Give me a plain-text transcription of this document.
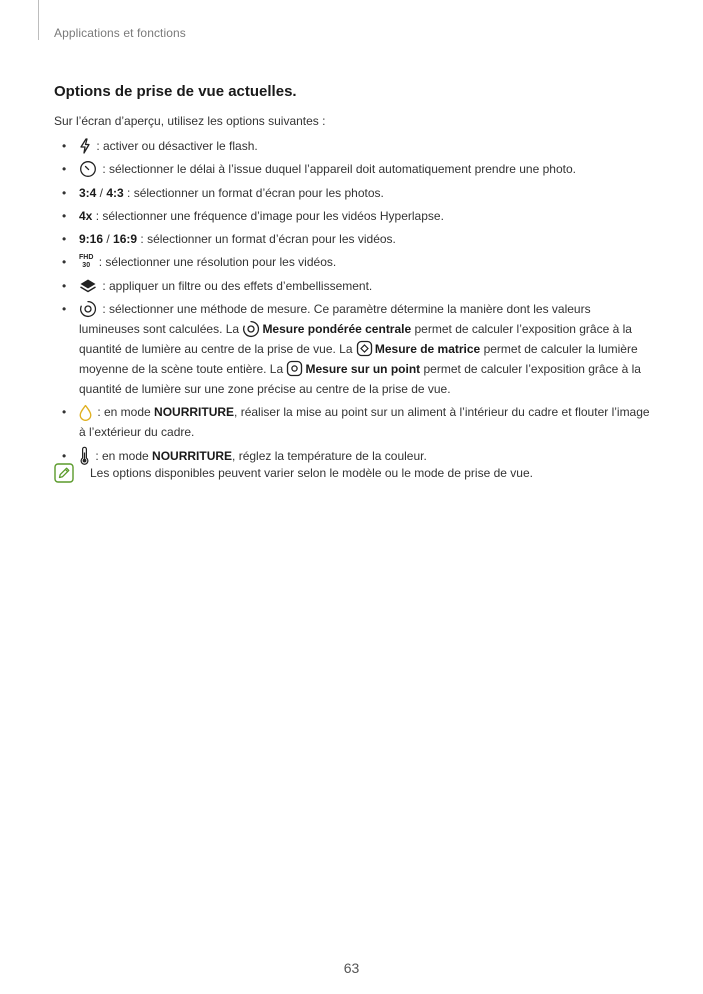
Applications et fonctions
Options de prise de vue actuelles.
Sur l’écran d’aperçu, utilisez les options suivantes :
• : activer ou désactiver le flash.
• : sélectionner le délai à l’issue duquel l’appareil doit automatiquement prendre une photo.
• 3:4 / 4:3 : sélectionner un format d’écran pour les photos.
• 4x : sélectionner une fréquence d’image pour les vidéos Hyperlapse.
• 9:16 / 16:9 : sélectionner un format d’écran pour les vidéos.
• FHD
30 : sélectionner une résolution pour les vidéos.
• : appliquer un filtre ou des effets d’embellissement.
• : sélectionner une méthode de mesure. Ce paramètre détermine la manière dont les valeurs lumineuses sont calculées. La
Mesure pondérée centrale permet de calculer l’exposition grâce à la quantité de lumière au centre de la prise de vue. La
Mesure de matrice permet de calculer la lumière moyenne de la scène toute entière. La
Mesure sur un point permet de calculer l’exposition grâce à la quantité de lumière sur une zone précise au centre de la prise de vue.
• : en mode NOURRITURE, réaliser la mise au point sur un aliment à l’intérieur du cadre et flouter l’image à l’extérieur du cadre.
• : en mode NOURRITURE, réglez la température de la couleur.
Les options disponibles peuvent varier selon le modèle ou le mode de prise de vue.
63
